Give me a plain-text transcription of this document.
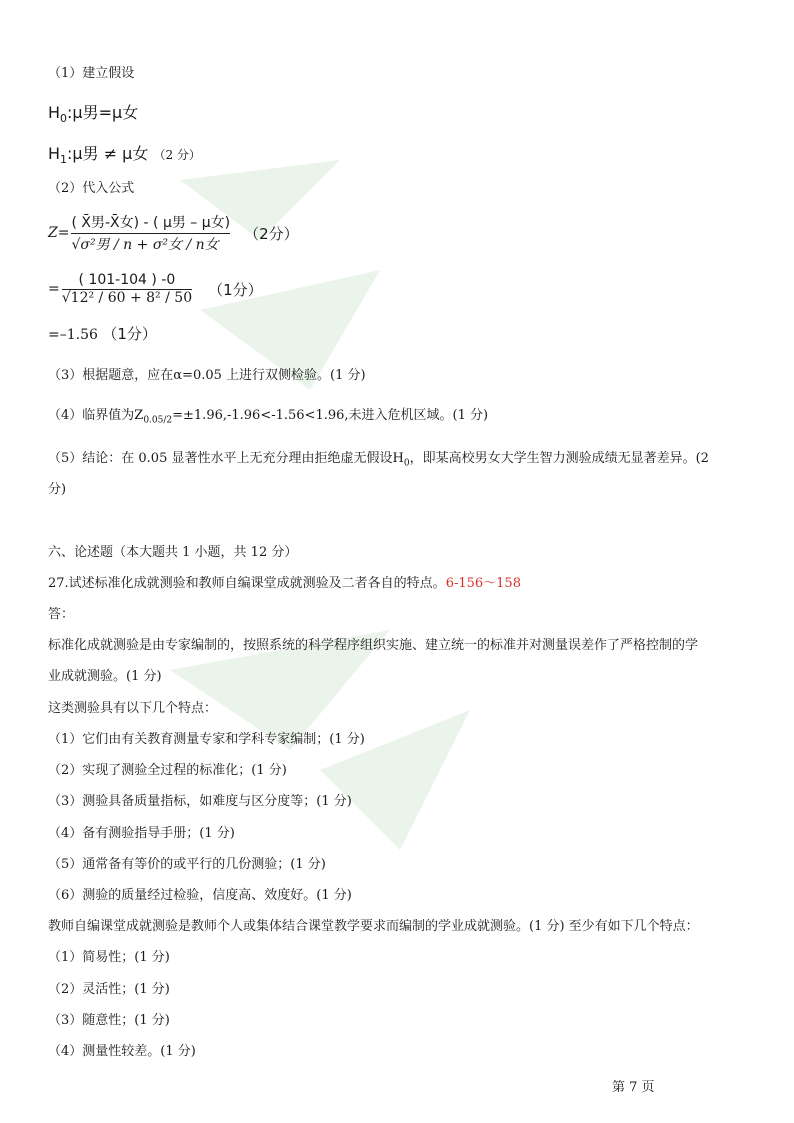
（1）建立假设
$H_0:\mu$男=μ女
$H_1:\mu$男 ≠ μ女 （2 分）
（2）代入公式
$Z= \frac{\text{( X̄男-X̄女) - ( μ男 – μ女)}}{\text{√σ²男 / n + σ²女 / n女}} (2$分）
= $\frac{( 101-104 ) -0}{\text{√12² / 60 + 8² / 50}} (1$分）
=–1.56 （1分）
（3）根据题意，应在α=0.05 上进行双侧检验。(1 分)
（4）临界值为$Z_{0.05/2}=\pm 1.96,-1.96<-1.56<1.96$,未进入危机区域。(1 分)
（5）结论：在 0.05 显著性水平上无充分理由拒绝虚无假设$H_0$，即某高校男女大学生智力测验成绩无显著差异。(2
分)
六、论述题（本大题共 1 小题，共 12 分）
27.试述标准化成就测验和教师自编课堂成就测验及二者各自的特点。6-156～158
答：
标准化成就测验是由专家编制的，按照系统的科学程序组织实施、建立统一的标准并对测量误差作了严格控制的学
业成就测验。(1 分)
这类测验具有以下几个特点：
（1）它们由有关教育测量专家和学科专家编制；(1 分)
（2）实现了测验全过程的标准化；(1 分)
（3）测验具备质量指标，如难度与区分度等；(1 分)
（4）备有测验指导手册；(1 分)
（5）通常备有等价的或平行的几份测验；(1 分)
（6）测验的质量经过检验，信度高、效度好。(1 分)
教师自编课堂成就测验是教师个人或集体结合课堂教学要求而编制的学业成就测验。(1 分) 至少有如下几个特点：
（1）简易性；(1 分)
（2）灵活性；(1 分)
（3）随意性；(1 分)
（4）测量性较差。(1 分)
第 7 页
